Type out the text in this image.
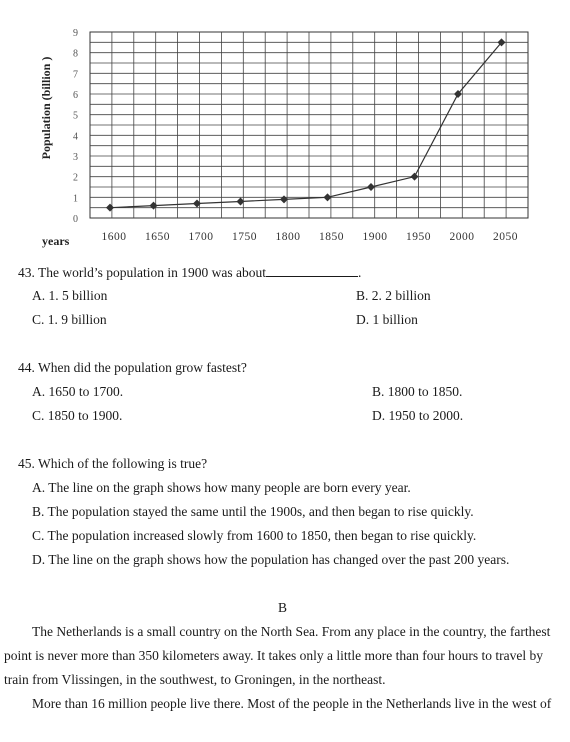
0
1
2
3
4
5
6
7
8
9
1600 1650 1700 1750 1800 1850 1900 1950 2000 2050
Population (billion )
years
43. The world’s population in 1900 was about	.
A. 1. 5 billion	B. 2. 2 billion
C. 1. 9 billion	D. 1 billion
44. When did the population grow fastest?
A. 1650 to 1700.	B. 1800 to 1850.
C. 1850 to 1900.	D. 1950 to 2000.
45. Which of the following is true?
A. The line on the graph shows how many people are born every year.
B. The population stayed the same until the 1900s, and then began to rise quickly.
C. The population increased slowly from 1600 to 1850, then began to rise quickly.
D. The line on the graph shows how the population has changed over the past 200 years.
B
The Netherlands is a small country on the North Sea. From any place in the country, the farthest
point is never more than 350 kilometers away. It takes only a little more than four hours to travel by
train from Vlissingen, in the southwest, to Groningen, in the northeast.
More than 16 million people live there. Most of the people in the Netherlands live in the west of
